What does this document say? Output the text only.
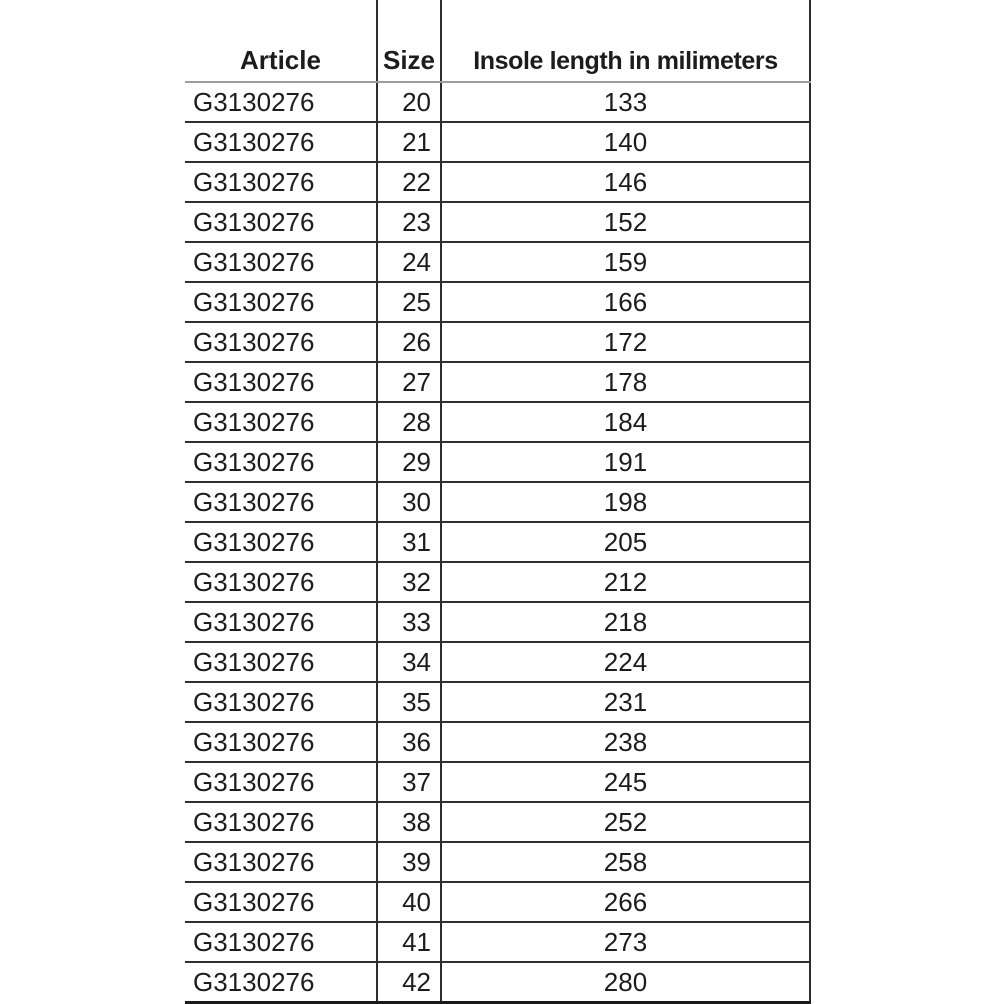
Article	Size	Insole length in milimeters
G3130276	20	133
G3130276	21	140
G3130276	22	146
G3130276	23	152
G3130276	24	159
G3130276	25	166
G3130276	26	172
G3130276	27	178
G3130276	28	184
G3130276	29	191
G3130276	30	198
G3130276	31	205
G3130276	32	212
G3130276	33	218
G3130276	34	224
G3130276	35	231
G3130276	36	238
G3130276	37	245
G3130276	38	252
G3130276	39	258
G3130276	40	266
G3130276	41	273
G3130276	42	280
